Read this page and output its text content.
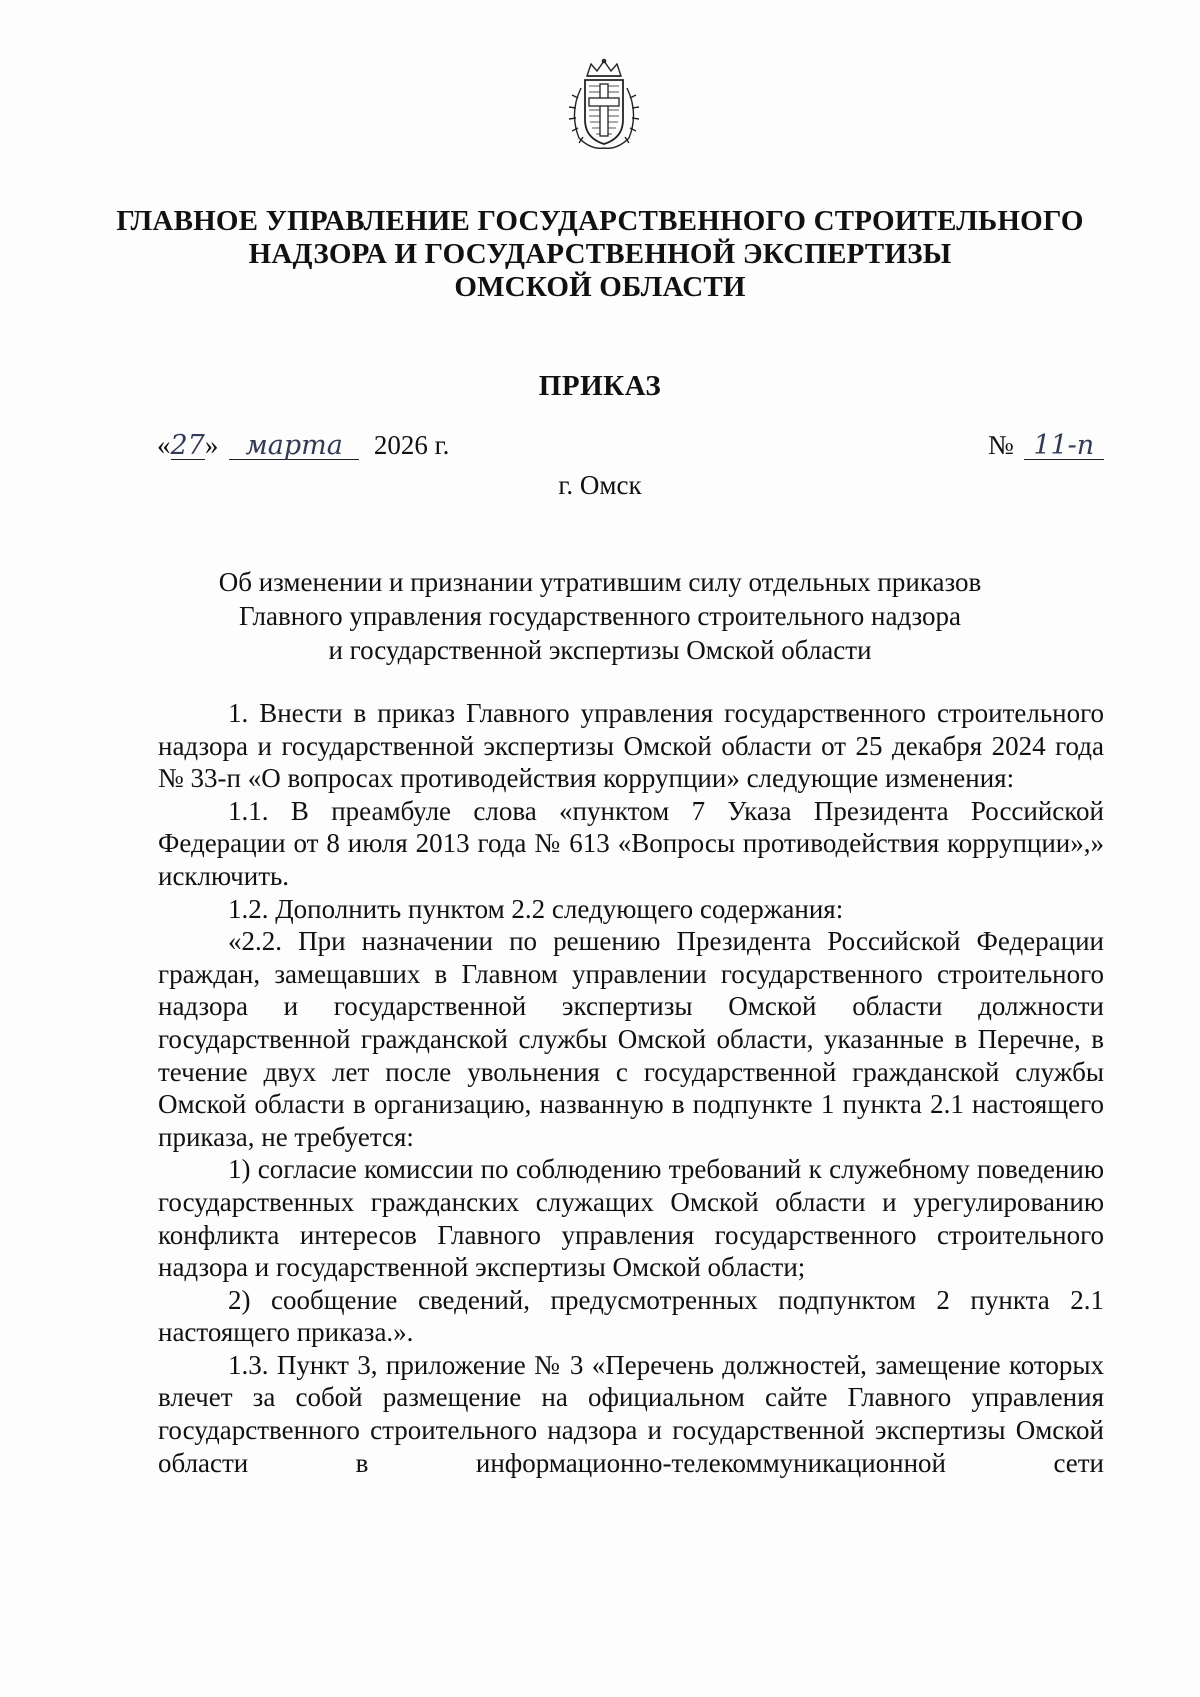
ГЛАВНОЕ УПРАВЛЕНИЕ ГОСУДАРСТВЕННОГО СТРОИТЕЛЬНОГО
НАДЗОРА И ГОСУДАРСТВЕННОЙ ЭКСПЕРТИЗЫ
ОМСКОЙ ОБЛАСТИ
ПРИКАЗ
«27» марта 2026 г.	№ 11-п
г. Омск
Об изменении и признании утратившим силу отдельных приказов
Главного управления государственного строительного надзора
и государственной экспертизы Омской области

1. Внести в приказ Главного управления государственного строительного надзора и государственной экспертизы Омской области от 25 декабря 2024 года № 33-п «О вопросах противодействия коррупции» следующие изменения:

1.1. В преамбуле слова «пунктом 7 Указа Президента Российской Федерации от 8 июля 2013 года № 613 «Вопросы противодействия коррупции»,» исключить.

1.2. Дополнить пунктом 2.2 следующего содержания:

«2.2. При назначении по решению Президента Российской Федерации граждан, замещавших в Главном управлении государственного строительного надзора и государственной экспертизы Омской области должности государственной гражданской службы Омской области, указанные в Перечне, в течение двух лет после увольнения с государственной гражданской службы Омской области в организацию, названную в подпункте 1 пункта 2.1 настоящего приказа, не требуется:

1) согласие комиссии по соблюдению требований к служебному поведению государственных гражданских служащих Омской области и урегулированию конфликта интересов Главного управления государственного строительного надзора и государственной экспертизы Омской области;

2) сообщение сведений, предусмотренных подпунктом 2 пункта 2.1 настоящего приказа.».

1.3. Пункт 3, приложение № 3 «Перечень должностей, замещение которых влечет за собой размещение на официальном сайте Главного управления государственного строительного надзора и государственной экспертизы Омской области в информационно-телекоммуникационной сети
